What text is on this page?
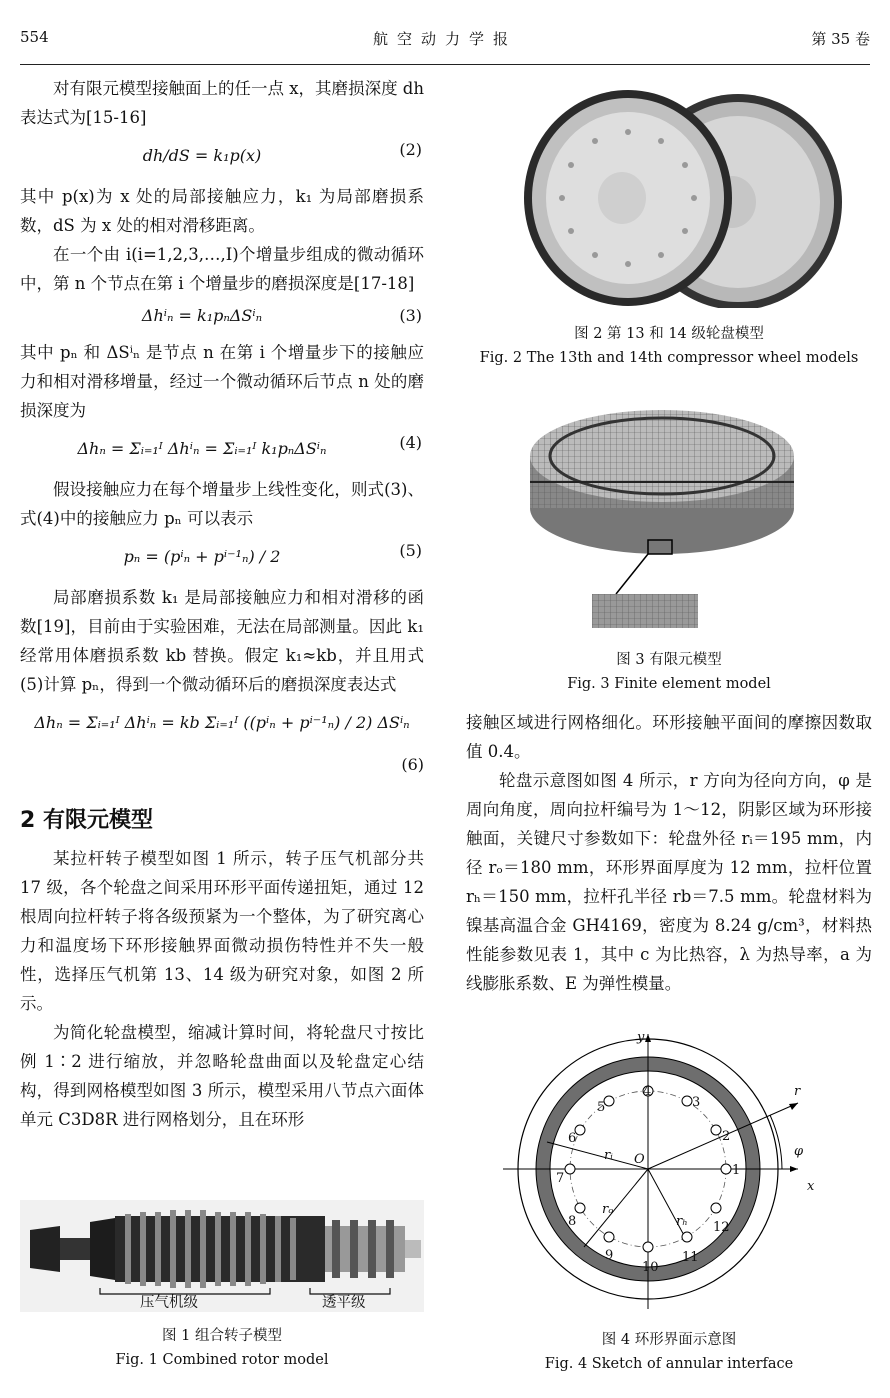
554	航空动力学报	第 35 卷

对有限元模型接触面上的任一点 x，其磨损深度 dh 表达式为[15-16]

dh/dS = k₁p(x)	(2)

其中 p(x)为 x 处的局部接触应力，k₁ 为局部磨损系数，dS 为 x 处的相对滑移距离。

在一个由 i(i=1,2,3,…,I)个增量步组成的微动循环中，第 n 个节点在第 i 个增量步的磨损深度是[17-18]

Δhⁱₙ = k₁pₙΔSⁱₙ	(3)

其中 pₙ 和 ΔSⁱₙ 是节点 n 在第 i 个增量步下的接触应力和相对滑移增量，经过一个微动循环后节点 n 处的磨损深度为

Δhₙ = Σᵢ₌₁ᴵ Δhⁱₙ = Σᵢ₌₁ᴵ k₁pₙΔSⁱₙ	(4)

假设接触应力在每个增量步上线性变化，则式(3)、式(4)中的接触应力 pₙ 可以表示

pₙ = (pⁱₙ + pⁱ⁻¹ₙ) / 2	(5)

局部磨损系数 k₁ 是局部接触应力和相对滑移的函数[19]，目前由于实验困难，无法在局部测量。因此 k₁ 经常用体磨损系数 kb 替换。假定 k₁≈kb，并且用式(5)计算 pₙ，得到一个微动循环后的磨损深度表达式

Δhₙ = Σᵢ₌₁ᴵ Δhⁱₙ = kb Σᵢ₌₁ᴵ ((pⁱₙ + pⁱ⁻¹ₙ) / 2) ΔSⁱₙ
(6)
2 有限元模型

某拉杆转子模型如图 1 所示，转子压气机部分共 17 级，各个轮盘之间采用环形平面传递扭矩，通过 12 根周向拉杆转子将各级预紧为一个整体，为了研究离心力和温度场下环形接触界面微动损伤特性并不失一般性，选择压气机第 13、14 级为研究对象，如图 2 所示。

为简化轮盘模型，缩减计算时间，将轮盘尺寸按比例 1∶2 进行缩放，并忽略轮盘曲面以及轮盘定心结构，得到网格模型如图 3 所示，模型采用八节点六面体单元 C3D8R 进行网格划分，且在环形

压气机级	透平级
图 1 组合转子模型
Fig. 1 Combined rotor model
图 2 第 13 和 14 级轮盘模型
Fig. 2 The 13th and 14th compressor wheel models
图 3 有限元模型
Fig. 3 Finite element model

接触区域进行网格细化。环形接触平面间的摩擦因数取值 0.4。

轮盘示意图如图 4 所示，r 方向为径向方向，φ 是周向角度，周向拉杆编号为 1～12，阴影区域为环形接触面，关键尺寸参数如下：轮盘外径 rᵢ＝195 mm，内径 rₒ＝180 mm，环形界面厚度为 12 mm，拉杆位置 rₕ＝150 mm，拉杆孔半径 rb＝7.5 mm。轮盘材料为镍基高温合金 GH4169，密度为 8.24 g/cm³，材料热性能参数见表 1，其中 c 为比热容，λ 为热导率，a 为线膨胀系数、E 为弹性模量。

y
x
r
φ
O
rᵢ
rₒ
rₕ
1
2
3
4
5
6
7
8
9
10
11
12
图 4 环形界面示意图
Fig. 4 Sketch of annular interface
